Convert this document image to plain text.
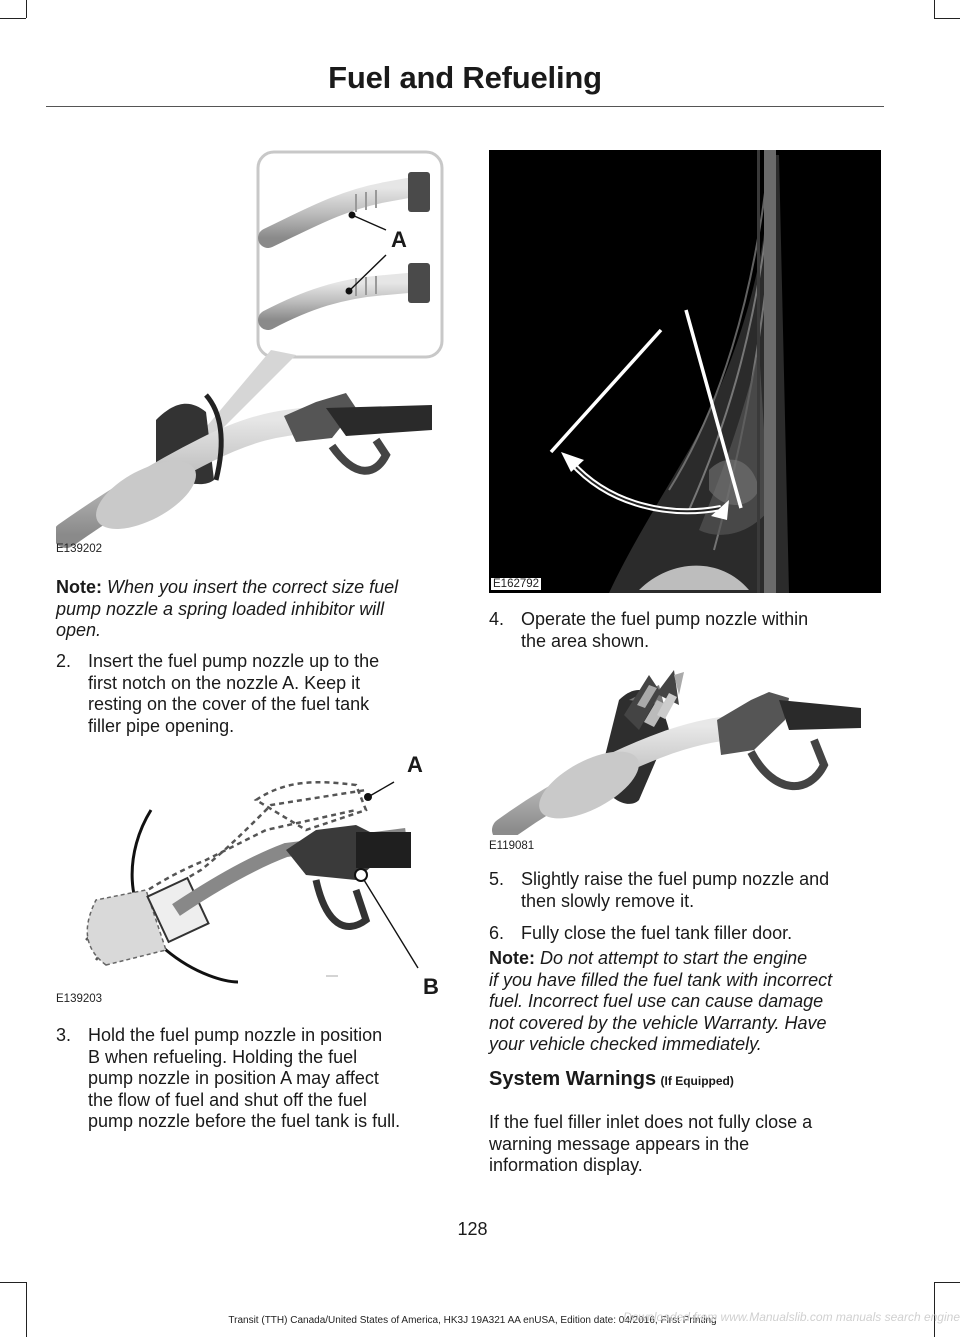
Fuel and Refueling
A
E139202
Note: When you insert the correct size fuel
pump nozzle a spring loaded inhibitor will
open.
2. Insert the fuel pump nozzle up to the
first notch on the nozzle A. Keep it
resting on the cover of the fuel tank
filler pipe opening.
A
B
E139203
3. Hold the fuel pump nozzle in position
B when refueling. Holding the fuel
pump nozzle in position A may affect
the flow of fuel and shut off the fuel
pump nozzle before the fuel tank is full.
E162792
4. Operate the fuel pump nozzle within
the area shown.
E119081
5. Slightly raise the fuel pump nozzle and
then slowly remove it.
6. Fully close the fuel tank filler door.
Note: Do not attempt to start the engine
if you have filled the fuel tank with incorrect
fuel. Incorrect fuel use can cause damage
not covered by the vehicle Warranty. Have
your vehicle checked immediately.
System Warnings (If Equipped)
If the fuel filler inlet does not fully close a
warning message appears in the
information display.
128
Transit (TTH) Canada/United States of America, HK3J 19A321 AA enUSA, Edition date: 04/2016, First Printing
Downloaded from www.Manualslib.com manuals search engine
